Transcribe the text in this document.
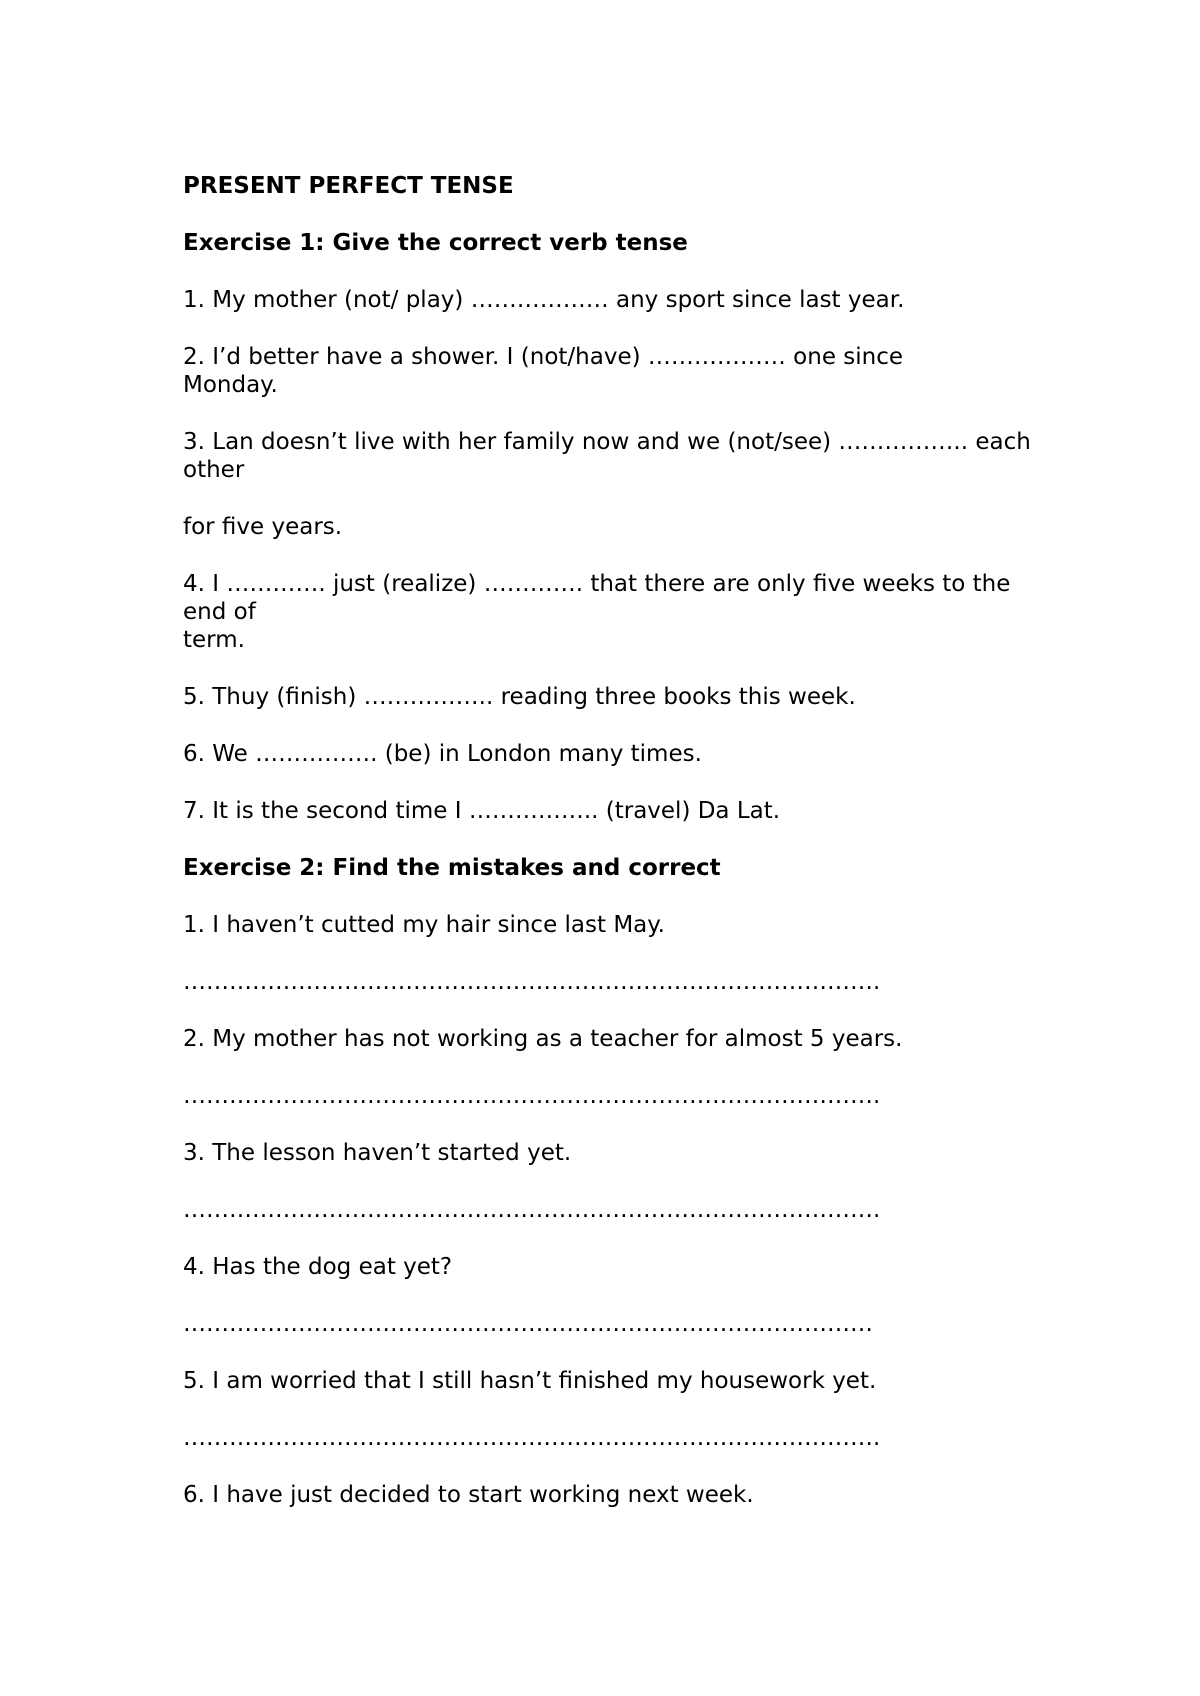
PRESENT PERFECT TENSE

Exercise 1: Give the correct verb tense

1. My mother (not/ play) ……………… any sport since last year.

2. I’d better have a shower. I (not/have) ……………… one since
Monday.

3. Lan doesn’t live with her family now and we (not/see) …………….. each other

for five years.

4. I …………. just (realize) …………. that there are only five weeks to the end of
term.

5. Thuy (finish) …………….. reading three books this week.

6. We ……………. (be) in London many times.

7. It is the second time I …………….. (travel) Da Lat.

Exercise 2: Find the mistakes and correct

1. I haven’t cutted my hair since last May.

……………………………………………………………………………….

2. My mother has not working as a teacher for almost 5 years.

……………………………………………………………………………….

3. The lesson haven’t started yet.

……………………………………………………………………………….

4. Has the dog eat yet?

………………………………………………………………………………

5. I am worried that I still hasn’t finished my housework yet.

……………………………………………………………………………….

6. I have just decided to start working next week.
